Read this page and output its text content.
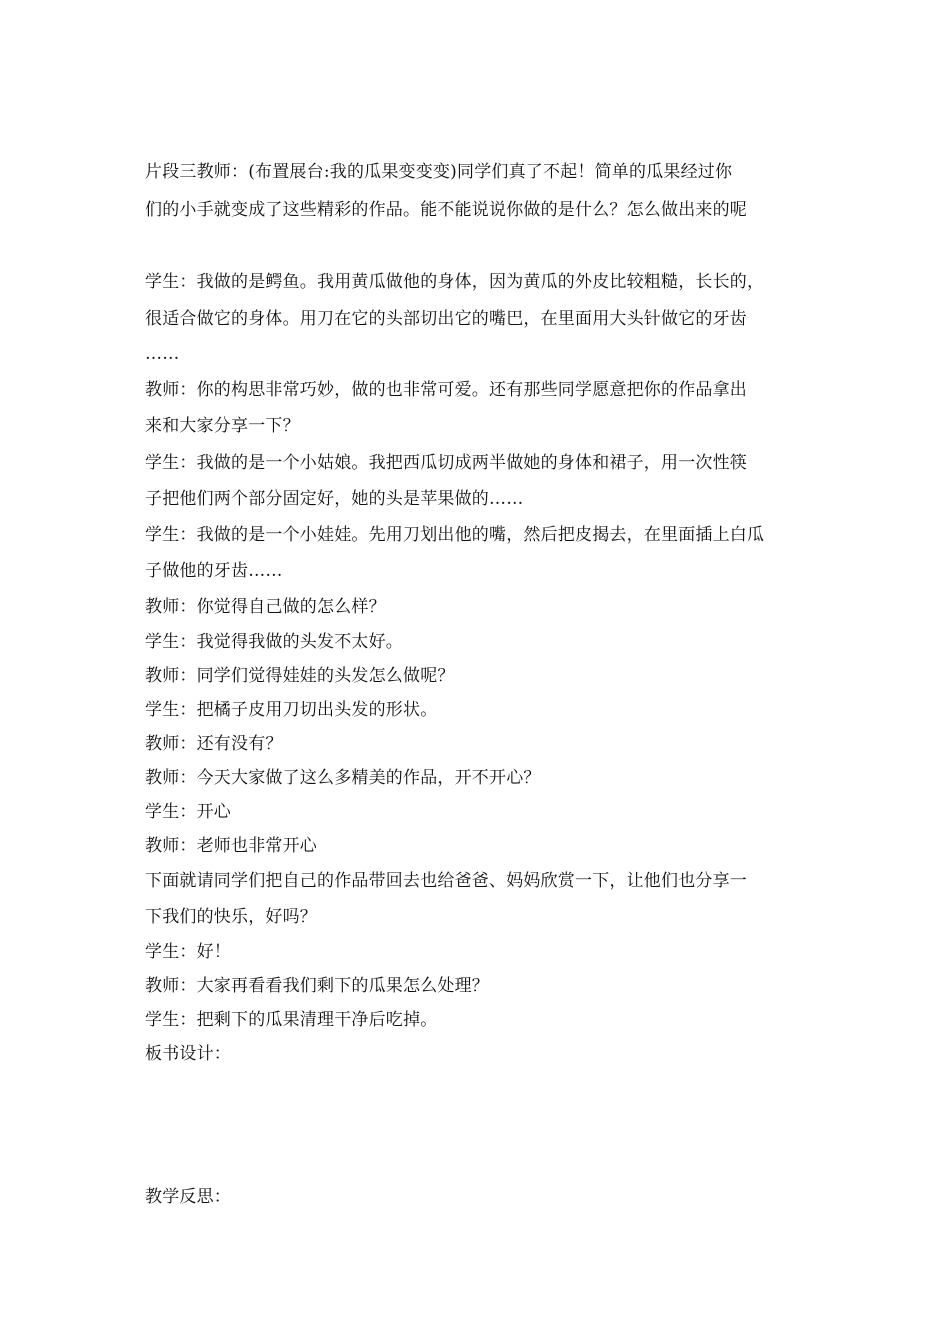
片段三教师：(布置展台:我的瓜果变变变)同学们真了不起！简单的瓜果经过你
们的小手就变成了这些精彩的作品。能不能说说你做的是什么？怎么做出来的呢
学生：我做的是鳄鱼。我用黄瓜做他的身体，因为黄瓜的外皮比较粗糙，长长的，
很适合做它的身体。用刀在它的头部切出它的嘴巴，在里面用大头针做它的牙齿
……
教师：你的构思非常巧妙，做的也非常可爱。还有那些同学愿意把你的作品拿出
来和大家分享一下？
学生：我做的是一个小姑娘。我把西瓜切成两半做她的身体和裙子，用一次性筷
子把他们两个部分固定好，她的头是苹果做的……
学生：我做的是一个小娃娃。先用刀划出他的嘴，然后把皮揭去，在里面插上白瓜
子做他的牙齿……
教师：你觉得自己做的怎么样？
学生：我觉得我做的头发不太好。
教师：同学们觉得娃娃的头发怎么做呢？
学生：把橘子皮用刀切出头发的形状。
教师：还有没有？
教师：今天大家做了这么多精美的作品，开不开心？
学生：开心
教师：老师也非常开心
下面就请同学们把自己的作品带回去也给爸爸、妈妈欣赏一下，让他们也分享一
下我们的快乐，好吗？
学生：好！
教师：大家再看看我们剩下的瓜果怎么处理？
学生：把剩下的瓜果清理干净后吃掉。
板书设计：
教学反思：
